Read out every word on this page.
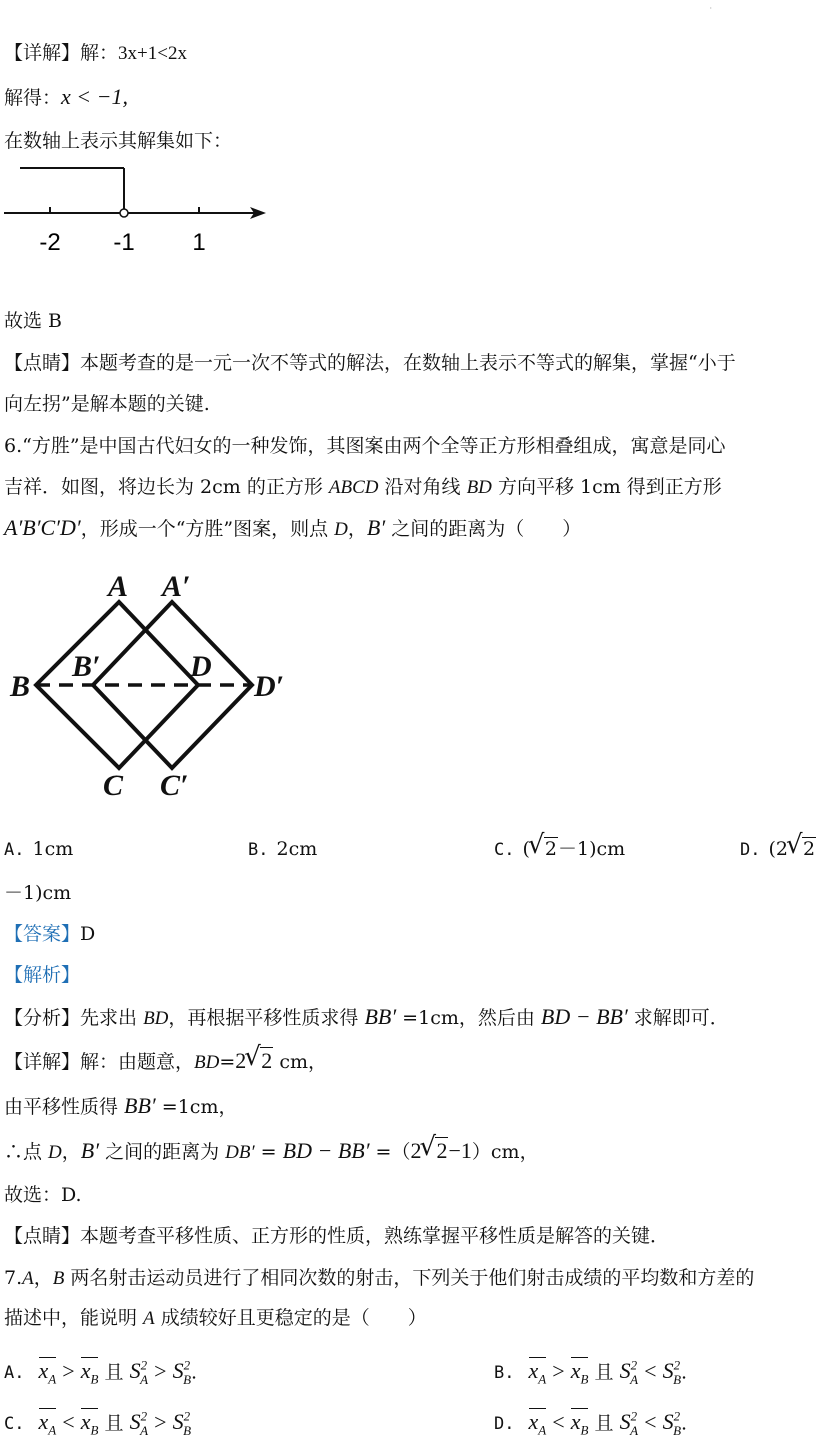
·
【详解】解：3x+1<2x
解得：x < −1,
在数轴上表示其解集如下：
-2 -1 1
故选 B
【点睛】本题考查的是一元一次不等式的解法，在数轴上表示不等式的解集，掌握“小于
向左拐”是解本题的关键.
6.“方胜”是中国古代妇女的一种发饰，其图案由两个全等正方形相叠组成，寓意是同心
吉祥．如图，将边长为 2cm 的正方形 ABCD 沿对角线 BD 方向平移 1cm 得到正方形
A′B′C′D′，形成一个“方胜”图案，则点 D，B′ 之间的距离为（　　）
A A′
B
B′	D
D′
C C′
A. 1cm	B. 2cm	C. ( √ 2－1)cm	D. (2 √ 2
－1)cm
【答案】D
【解析】
【分析】先求出 BD，再根据平移性质求得 BB′ =1cm，然后由 BD − BB′ 求解即可．
【详解】解：由题意，BD=2 √ 2 cm，
由平移性质得 BB′ =1cm，
∴点 D，B′ 之间的距离为 DB′ = BD − BB′ =（2 √ 2−1）cm，
故选：D.
【点睛】本题考查平移性质、正方形的性质，熟练掌握平移性质是解答的关键．
7.A，B 两名射击运动员进行了相同次数的射击，下列关于他们射击成绩的平均数和方差的
描述中，能说明 A 成绩较好且更稳定的是（　　）
A. $x_A > x_B$ 且 $S^2_A > S^2_B$.	B. $x_A > x_B$ 且 $S^2_A < S^2_B$.
C. $x_A < x_B$ 且 $S^2_A > S^2_B$	D. $x_A < x_B$ 且 $S^2_A < S^2_B$.
